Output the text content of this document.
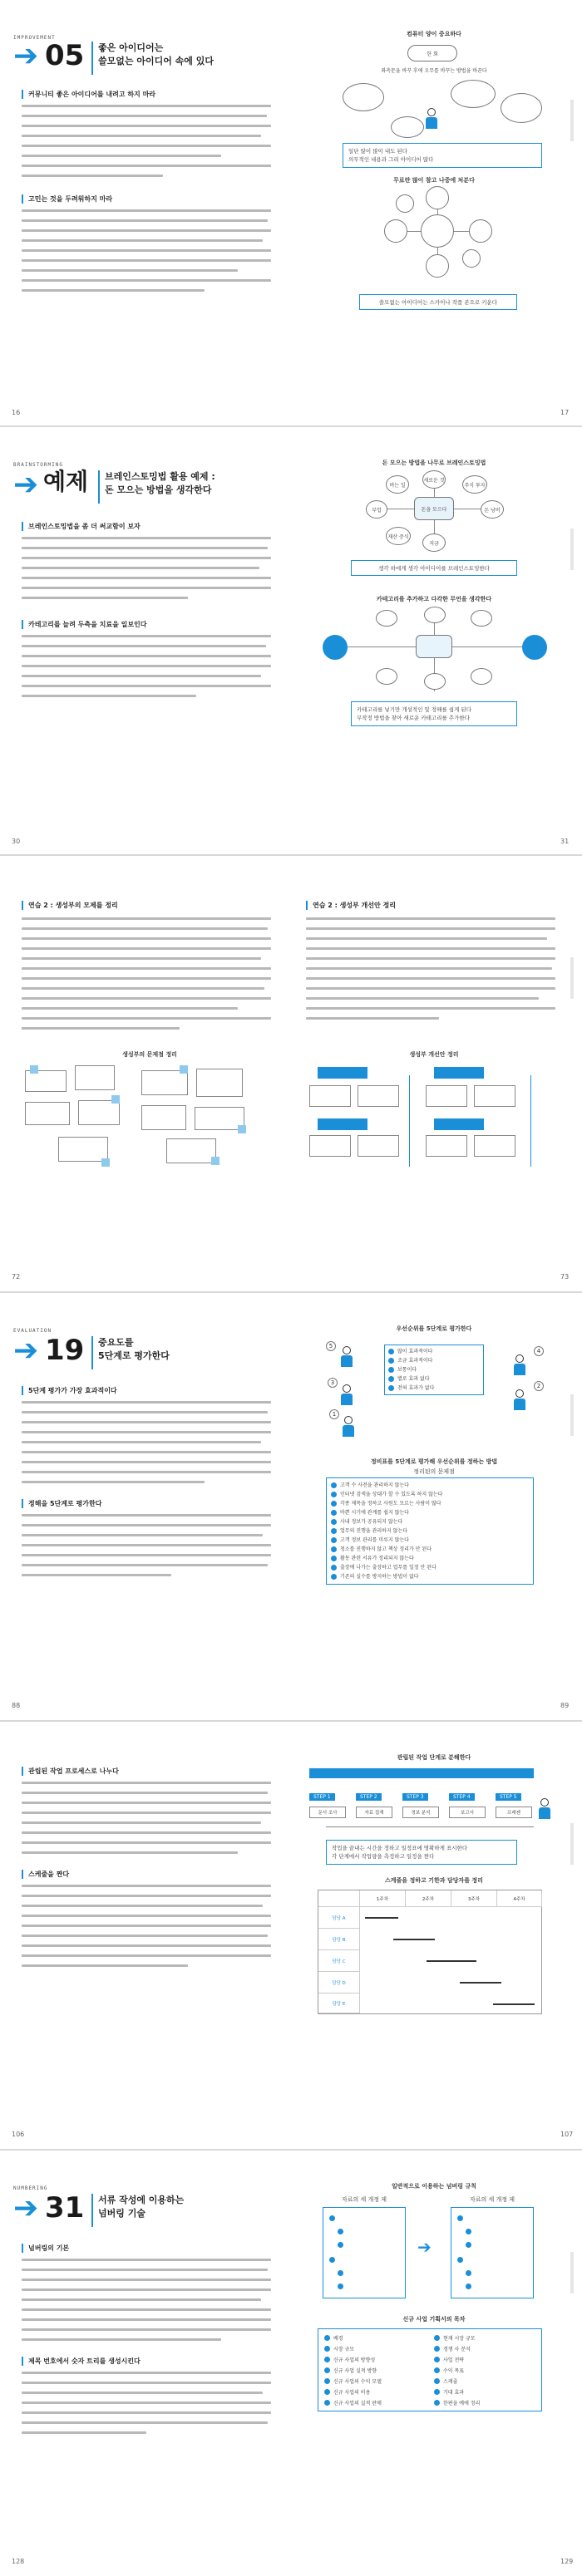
IMPROVEMENT
➔ 05 좋은 아이디어는
쓸모없는 아이디어 속에 있다
커뮤니티 좋은 아이디어를 내려고 하지 마라
고민는 것을 두려워하지 마라
16
컴퓨터 양이 중요하다
한 회
좌측문을 바꾸 후에 오무를 바꾸는 방법을 바꾼다
일단 많이 많이 내도 된다
의무적인 내용과 그리 아이디어 많다
무료란 많이 참고 나중에 처분다
쓸모없는 아이디어는 스카이나 작품 본으로 키운다
17
BRAINSTORMING
➔ 예제 브레인스토밍법 활용 예제 :
돈 모으는 방법을 생각한다
브레인스토밍법을 좀 더 써교함이 보자
카테고리를 늘려 두측을 치료을 일보인다
30
돈 모으는 방법을 나무로 브레인스토밍법
돈을 모으다
버는 일
새로운 것
주식 투자
부업	돈 낭비
재산 증식
저금
생각 하에게 생각 아이디어를 브레인스토밍한다
카테고리를 추가하고 다각한 무언을 생각한다
카테고리를 넣기만 개성적인 및 정해를 쉽게 된다
무작정 방법을 찾아 새로운 카테고리를 추가한다
31
연습 2 : 생성부의 모제를 정리
생성부의 문제점 정리
72
연습 2 : 생성부 개선안 정리
생성부 개선안 정리
73
EVALUATION
➔ 19 중요도를
5단계로 평가한다
5단계 평가가 가장 효과적이다
정해을 5단계로 평가한다
88
우선순위를 5단계로 평가한다
5
4
3	2
1
많이 효과적이다
조금 효과적이다
보통이다
별로 효과 없다
전혀 효과가 없다
정비표를 5단계로 평가해 우선순위를 정하는 방법
정리된의 문제점
고객 수 사전을 관리하지 않는다
인터넷 검색을 상대가 할 수 있도록 하지 않는다
각종 제목을 정하고 사원도 모르는 사람이 많다
바쁜 시기에 관계를 쉽지 않는다
사내 정보가 공유되지 않는다
업무의 진행을 관리하지 않는다
고객 정보 관리를 미루지 않는다
청소를 진행하지 않고 책상 정리가 안 된다
활동 관련 서류가 정리되지 않는다
출장에 나가는 출장하고 업무를 일정 안 된다
기존의 실수를 방지하는 방법이 없다
89
관립된 작업 프로세스로 나누다
스케줄을 짠다
106
관립된 작업 단계로 분해한다
STEP 1	STEP 2	STEP 3	STEP 4	STEP 5
문서 조사	자료 집계	정보 분석	보고서	프레젠
작업을 끝내는 시간을 정하고 일정표에 명확하게 표시한다
각 단계에서 작업량을 측정하고 일정을 짠다
스케줄을 정하고 기한과 담당자를 정리
1주차	2주차	3주차	4주차
담당 A
담당 B
담당 C
담당 D
담당 E
107
NUMBERING
➔ 31 서류 작성에 이용하는
넘버링 기술
넘버링의 기본
제목 번호에서 숫자 트리를 생성시킨다
128
일반적으로 이용하는 넘버링 규칙
자료의 세 개정 제	자료의 세 개정 제
➔
신규 사업 기획서의 목차
배경	현재 시장 규모
시장 규모	경쟁 사 분석
신규 사업의 방향성	사업 전략
신규 사업 실적 방향	수익 목표
신규 사업의 수익 모델	스케줄
신규 사업의 비용	기대 효과
신규 사업의 실적 판매	한편을 예에 정리
129
